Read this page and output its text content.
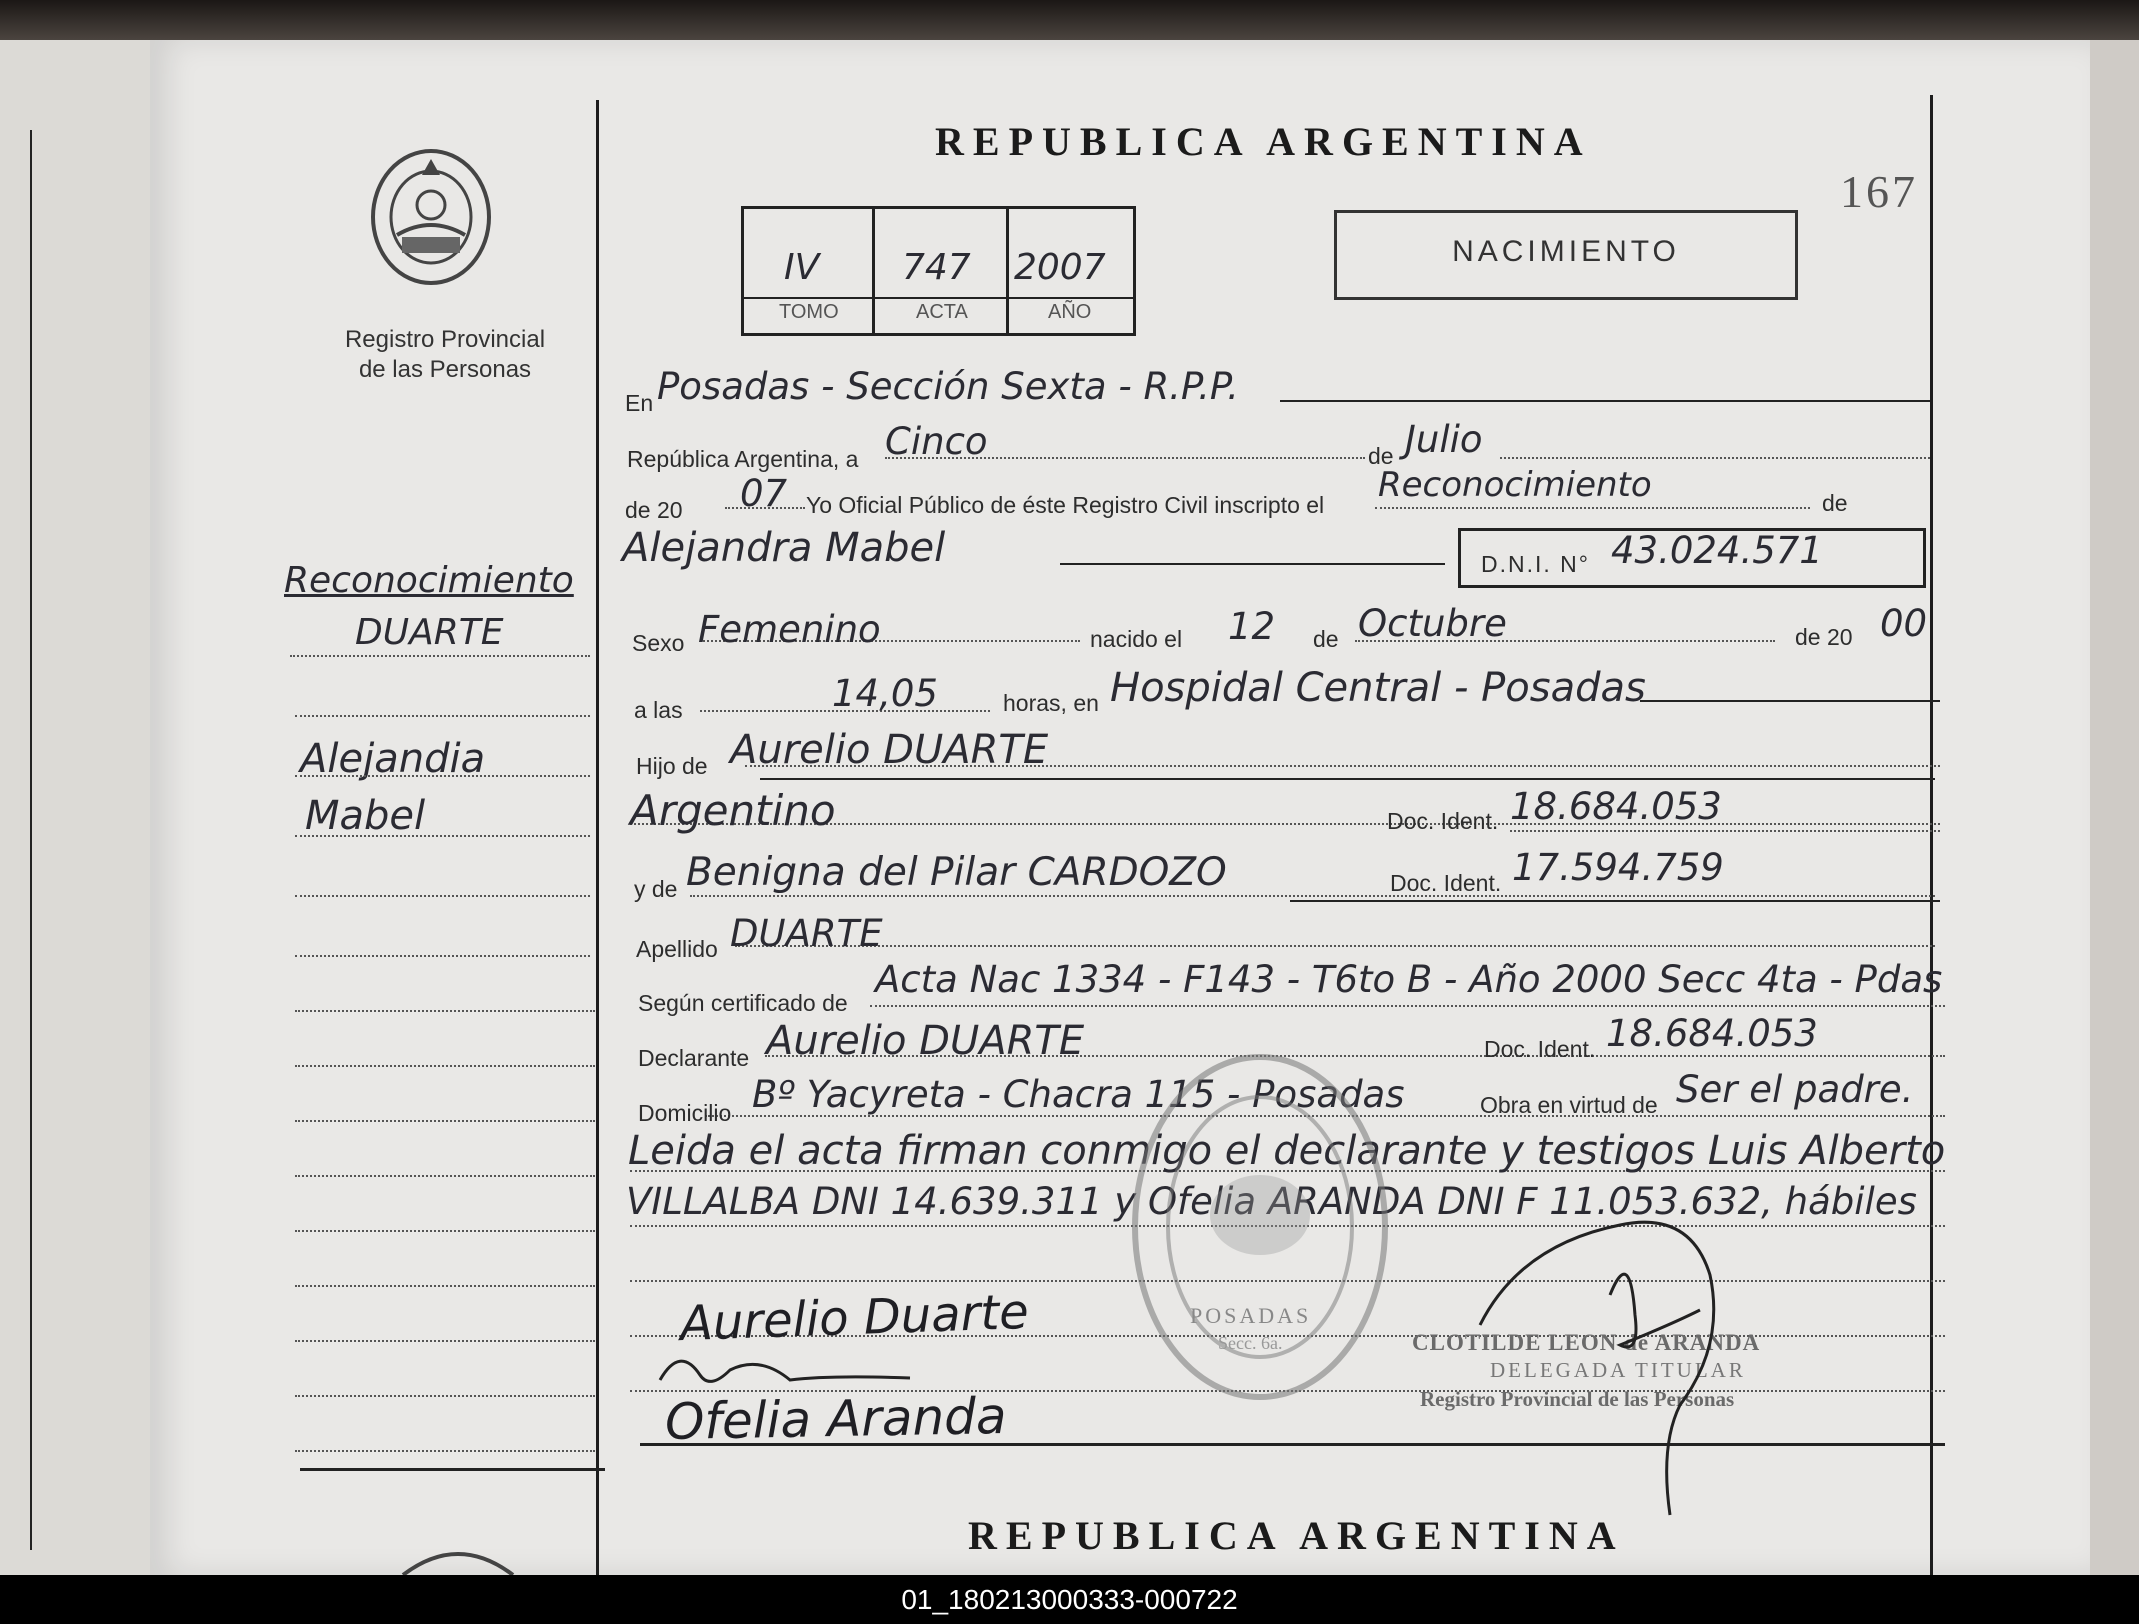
REPUBLICA ARGENTINA
167
IV 747 2007
TOMO	ACTA	AÑO
NACIMIENTO
Registro Provincial
de las Personas
Reconocimiento
DUARTE
Alejandia
Mabel
En Posadas - Sección Sexta - R.P.P.
República Argentina, a Cinco	de Julio
de 20 07 Yo Oficial Público de éste Registro Civil inscripto el Reconocimiento	de
Alejandra Mabel	D.N.I. N° 43.024.571
Sexo Femenino	nacido el 12 de Octubre	de 20 00
a las	14,05	horas, en Hospidal Central - Posadas
Hijo de Aurelio DUARTE
Argentino	Doc. Ident. 18.684.053
y de Benigna del Pilar CARDOZO	Doc. Ident. 17.594.759
Apellido DUARTE
Según certificado de
Acta Nac 1334 - F143 - T6to B - Año 2000 Secc 4ta - Pdas
Declarante Aurelio DUARTE	Doc. Ident. 18.684.053
Domicilio Bº Yacyreta - Chacra 115 - Posadas	Obra en virtud de Ser el padre.
Leida el acta firman conmigo el declarante y testigos Luis Alberto
VILLALBA DNI 14.639.311 y Ofelia ARANDA DNI F 11.053.632, hábiles
POSADAS
Secc. 6a.
Aurelio Duarte
Ofelia Aranda
CLOTILDE LEON de ARANDA
DELEGADA TITULAR
Registro Provincial de las Personas
REPUBLICA ARGENTINA
01_180213000333-000722
